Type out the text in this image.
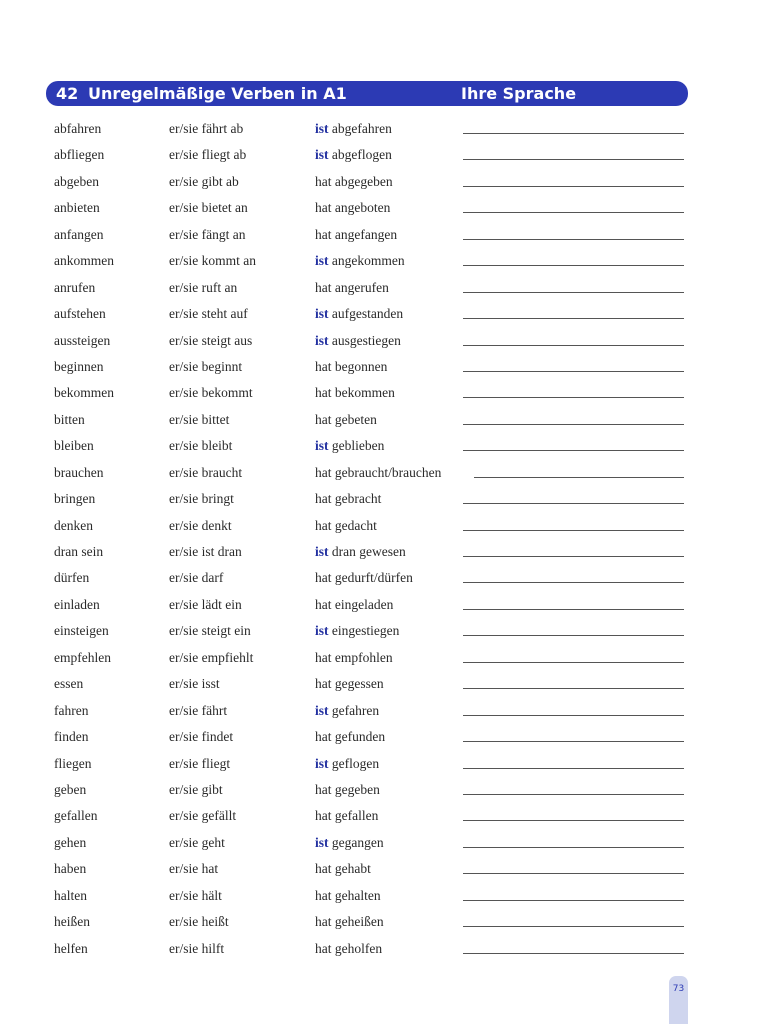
42 Unregelmäßige Verben in A1	Ihre Sprache
abfahren	er/sie fährt ab	ist abgefahren
abfliegen	er/sie fliegt ab	ist abgeflogen
abgeben	er/sie gibt ab	hat abgegeben
anbieten	er/sie bietet an	hat angeboten
anfangen	er/sie fängt an	hat angefangen
ankommen	er/sie kommt an	ist angekommen
anrufen	er/sie ruft an	hat angerufen
aufstehen	er/sie steht auf	ist aufgestanden
aussteigen	er/sie steigt aus	ist ausgestiegen
beginnen	er/sie beginnt	hat begonnen
bekommen	er/sie bekommt	hat bekommen
bitten	er/sie bittet	hat gebeten
bleiben	er/sie bleibt	ist geblieben
brauchen	er/sie braucht	hat gebraucht/brauchen
bringen	er/sie bringt	hat gebracht
denken	er/sie denkt	hat gedacht
dran sein	er/sie ist dran	ist dran gewesen
dürfen	er/sie darf	hat gedurft/dürfen
einladen	er/sie lädt ein	hat eingeladen
einsteigen	er/sie steigt ein	ist eingestiegen
empfehlen	er/sie empfiehlt	hat empfohlen
essen	er/sie isst	hat gegessen
fahren	er/sie fährt	ist gefahren
finden	er/sie findet	hat gefunden
fliegen	er/sie fliegt	ist geflogen
geben	er/sie gibt	hat gegeben
gefallen	er/sie gefällt	hat gefallen
gehen	er/sie geht	ist gegangen
haben	er/sie hat	hat gehabt
halten	er/sie hält	hat gehalten
heißen	er/sie heißt	hat geheißen
helfen	er/sie hilft	hat geholfen
73
